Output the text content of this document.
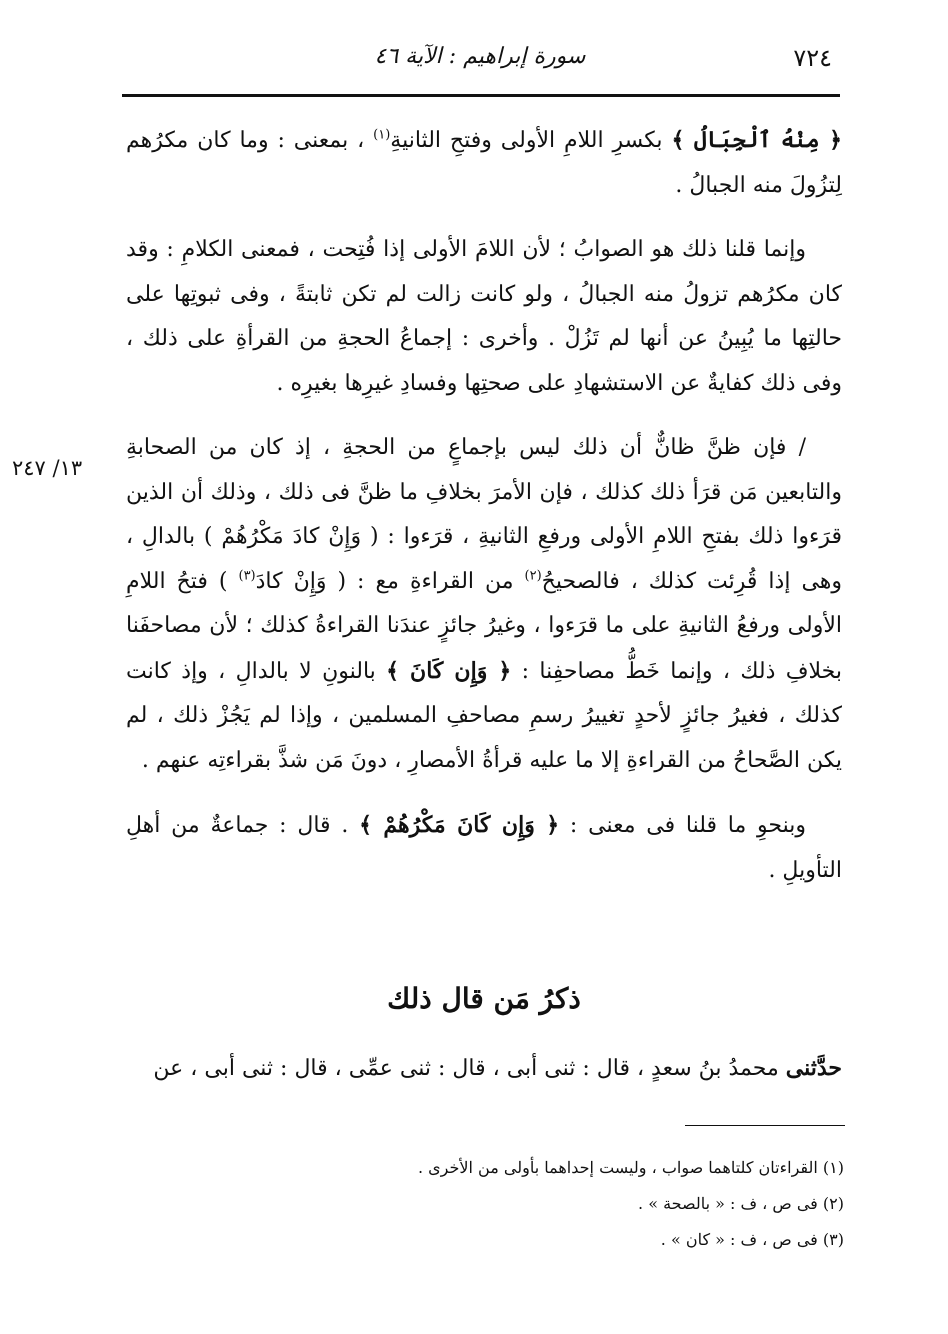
٧٢٤
سورة إبراهيم : الآية ٤٦
١٣/ ٢٤٧

﴿ مِنْهُ ٱلْجِبَالُ ﴾ بكسرِ اللامِ الأولى وفتحِ الثانيةِ$^{(١)}$ ، بمعنى : وما كان مكرُهم لِتزُولَ منه الجبالُ .

وإنما قلنا ذلك هو الصوابُ ؛ لأن اللامَ الأولى إذا فُتِحت ، فمعنى الكلامِ : وقد كان مكرُهم تزولُ منه الجبالُ ، ولو كانت زالت لم تكن ثابتةً ، وفى ثبوتِها على حالتِها ما يُبِينُ عن أنها لم تَزُلْ . وأخرى : إجماعُ الحجةِ من القرأةِ على ذلك ، وفى ذلك كفايةٌ عن الاستشهادِ على صحتِها وفسادِ غيرِها بغيرِه .

/ فإن ظنَّ ظانٌّ أن ذلك ليس بإجماعٍ من الحجةِ ، إذ كان من الصحابةِ والتابعين مَن قرَأ ذلك كذلك ، فإن الأمرَ بخلافِ ما ظنَّ فى ذلك ، وذلك أن الذين قرَءوا ذلك بفتحِ اللامِ الأولى ورفعِ الثانيةِ ، قرَءوا : ( وَإِنْ كادَ مَكْرُهُمْ ) بالدالِ ، وهى إذا قُرِئت كذلك ، فالصحيحُ$^{(٢)}$ من القراءةِ مع : ( وَإِنْ كادَ$^{(٣)}$ ) فتحُ اللامِ الأولى ورفعُ الثانيةِ على ما قرَءوا ، وغيرُ جائزٍ عندَنا القراءةُ كذلك ؛ لأن مصاحفَنا بخلافِ ذلك ، وإنما خَطُّ مصاحفِنا : ﴿ وَإِن كَانَ ﴾ بالنونِ لا بالدالِ ، وإذ كانت كذلك ، فغيرُ جائزٍ لأحدٍ تغييرُ رسمِ مصاحفِ المسلمين ، وإذا لم يَجُزْ ذلك ، لم يكن الصَّحاحُ من القراءةِ إلا ما عليه قرأةُ الأمصارِ ، دونَ مَن شذَّ بقراءتِه عنهم .

وبنحوِ ما قلنا فى معنى : ﴿ وَإِن كَانَ مَكْرُهُمْ ﴾ . قال : جماعةٌ من أهلِ التأويلِ .

ذكرُ مَن قال ذلك
حدَّثنى محمدُ بنُ سعدٍ ، قال : ثنى أبى ، قال : ثنى عمِّى ، قال : ثنى أبى ، عن

(١) القراءتان كلتاهما صواب ، وليست إحداهما بأولى من الأخرى .

(٢) فى ص ، ف : « بالصحة » .

(٣) فى ص ، ف : « كان » .
